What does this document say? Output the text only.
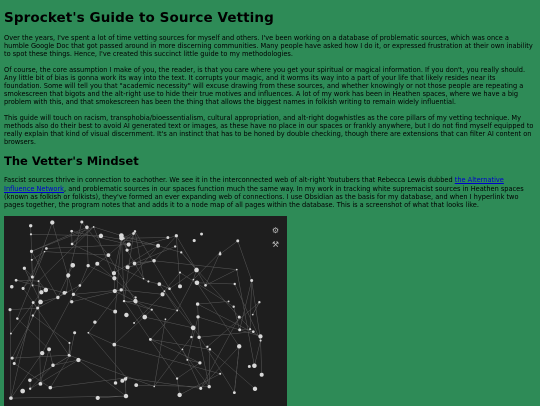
Sprocket's Guide to Source Vetting

Over the years, I've spent a lot of time vetting sources for myself and others. I've been working on a database of problematic sources, which was once a humble Google Doc that got passed around in more discerning communities. Many people have asked how I do it, or expressed frustration at their own inability to spot these things. Hence, I've created this succinct little guide to my methodologies.

Of course, the core assumption I make of you, the reader, is that you care where you get your spiritual or magical information. If you don't, you really should. Any little bit of bias is gonna work its way into the text. It corrupts your magic, and it worms its way into a part of your life that likely resides near its foundation. Some will tell you that "academic necessity" will excuse drawing from these sources, and whether knowingly or not those people are repeating a smokescreen that bigots and the alt-right use to hide their true motives and influences. A lot of my work has been in Heathen spaces, where we have a big problem with this, and that smokescreen has been the thing that allows the biggest names in folkish writing to remain widely influential.

This guide will touch on racism, transphobia/bioessentialism, cultural appropriation, and alt-right dogwhistles as the core pillars of my vetting technique. My methods also do their best to avoid AI generated text or images, as these have no place in our spaces or frankly anywhere, but I do not find myself equipped to really explain that kind of visual discernment. It's an instinct that has to be honed by double checking, though there are extensions that can filter AI content on browsers.

The Vetter's Mindset

Fascist sources thrive in connection to eachother. We see it in the interconnected web of alt-right Youtubers that Rebecca Lewis dubbed the Alternative Influence Network, and problematic sources in our spaces function much the same way. In my work in tracking white supremacist sources in Heathen spaces (known as folkish or folkists), they've formed an ever expanding web of connections. I use Obsidian as the basis for my database, and when I hyperlink two pages together, the program notes that and adds it to a node map of all pages within the database. This is a screenshot of what that looks like.

⚙
⚒
